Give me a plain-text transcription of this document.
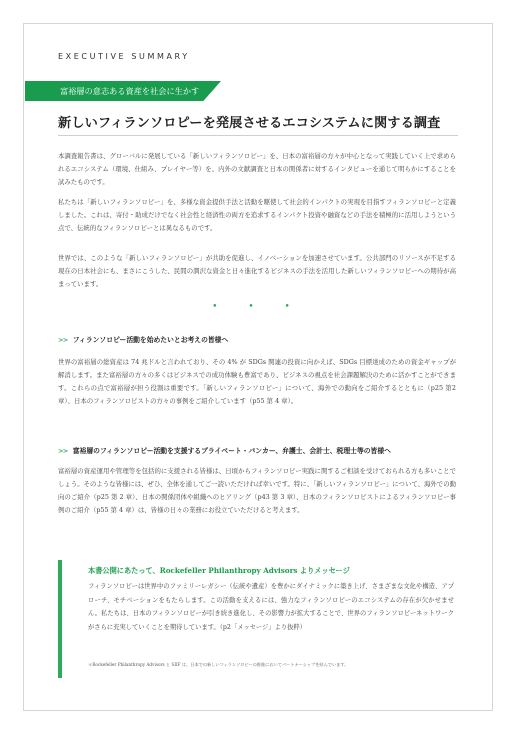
EXECUTIVE SUMMARY
富裕層の意志ある資産を社会に生かす
新しいフィランソロピーを発展させるエコシステムに関する調査

本調査報告書は、グローバルに発展している「新しいフィランソロピー」を、日本の富裕層の方々が中心となって実践していく上で求められるエコシステム（環境、仕組み、プレイヤー等）を、内外の文献調査と日本の関係者に対するインタビューを通じて明らかにすることを試みたものです。

私たちは「新しいフィランソロピー」を、多様な資金提供手法と活動を駆使して社会的インパクトの実現を目指すフィランソロピーと定義しました。これは、寄付・助成だけでなく社会性と経済性の両方を追求するインパクト投資や融資などの手法を積極的に活用しようという点で、伝統的なフィランソロピーとは異なるものです。

世界では、このような「新しいフィランソロピー」が共助を促進し、イノベーションを加速させています。公共部門のリソースが不足する現在の日本社会にも、まさにこうした、民間の潤沢な資金と日々進化するビジネスの手法を活用した新しいフィランソロピーへの期待が高まっています。

• • •
>> フィランソロピー活動を始めたいとお考えの皆様へ

世界の富裕層の総資産は 74 兆ドルと言われており、その 4% が SDGs 関連の投資に向かえば、SDGs 目標達成のための資金ギャップが解消します。また富裕層の方々の多くはビジネスでの成功体験も豊富であり、ビジネスの視点を社会課題解決のために活かすことができます。これらの点で富裕層が担う役割は重要です。「新しいフィランソロピー」について、海外での動向をご紹介するとともに（p25 第2章）、日本のフィランソロピストの方々の事例をご紹介しています（p55 第 4 章）。

>> 富裕層のフィランソロピー活動を支援するプライベート・バンカー、弁護士、会計士、税理士等の皆様へ

富裕層の資産運用や管理等を包括的に支援される皆様は、日頃からフィランソロピー実践に関するご相談を受けておられる方も多いことでしょう。そのような皆様には、ぜひ、全体を通してご一読いただければ幸いです。特に、「新しいフィランソロピー」について、海外での動向のご紹介（p25 第 2 章）、日本の関係団体や組織へのヒアリング（p43 第 3 章）、日本のフィランソロピストによるフィランソロピー事例のご紹介（p55 第 4 章）は、皆様の日々の業務にお役立ていただけると考えます。

本書公開にあたって、Rockefeller Philanthropy Advisors よりメッセージ

フィランソロピーは世界中のファミリーレガシー（伝統や遺産）を豊かにダイナミックに築き上げ、さまざまな文化や構造、アプローチ、モチベーションをもたらします。この活動を支えるには、強力なフィランソロピーのエコシステムの存在が欠かせません。私たちは、日本のフィランソロピーが引き続き進化し、その影響力が拡大することで、世界のフィランソロピーネットワークがさらに充実していくことを期待しています。（p2「メッセージ」より抜粋）

＊Rockefeller Philanthropy Advisors と SIIF は、日本での新しいフィランソロピーの推進においてパートナーシップを結んでいます。
